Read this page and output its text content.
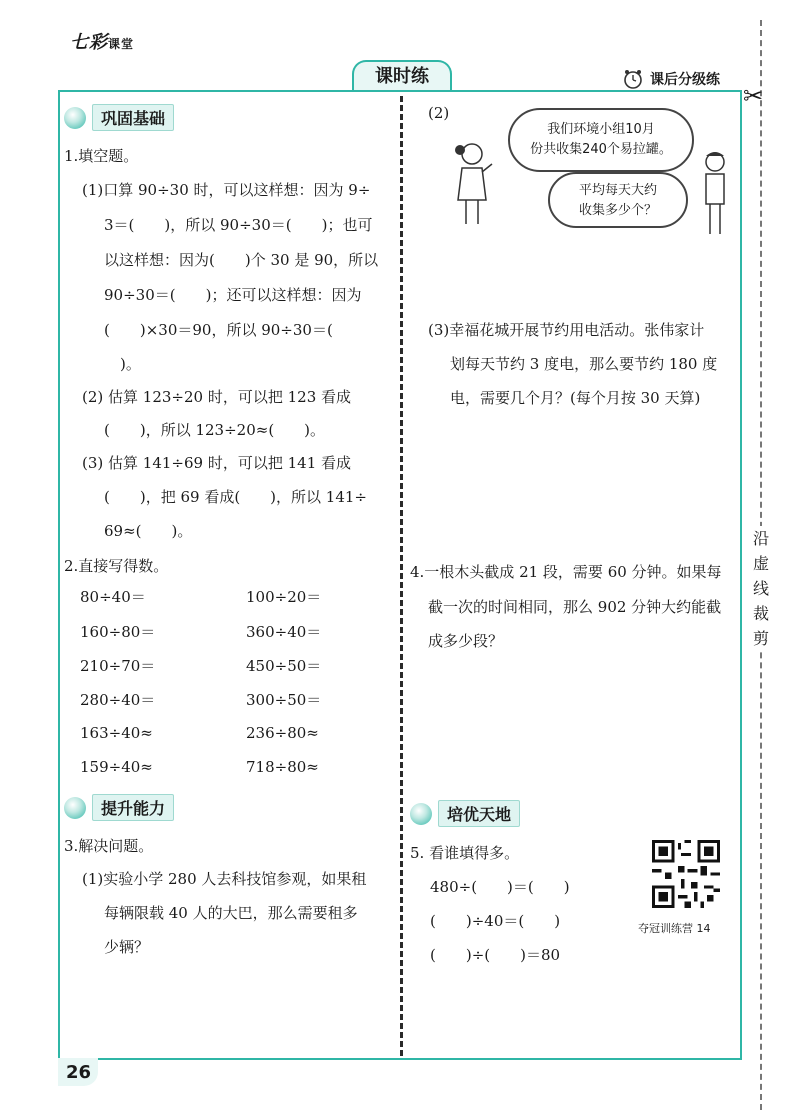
七彩课堂
课时练	课后分级练
✂
沿
虚
线
裁
剪
巩固基础
1.填空题。
(1)口算 90÷30 时，可以这样想：因为 9÷
3＝(　　)，所以 90÷30＝(　　)；也可
以这样想：因为(　　)个 30 是 90，所以
90÷30＝(　　)；还可以这样想：因为
(　　)×30＝90，所以 90÷30＝(
)。
(2) 估算 123÷20 时，可以把 123 看成
(　　)，所以 123÷20≈(　　)。
(3) 估算 141÷69 时，可以把 141 看成
(　　)，把 69 看成(　　)，所以 141÷
69≈(　　)。
2.直接写得数。
80÷40＝	100÷20＝
160÷80＝	360÷40＝
210÷70＝	450÷50＝
280÷40＝	300÷50＝
163÷40≈	236÷80≈
159÷40≈	718÷80≈
提升能力
3.解决问题。
(1)实验小学 280 人去科技馆参观，如果租
每辆限载 40 人的大巴，那么需要租多
少辆？
26
(2)
我们环境小组10月
份共收集240个易拉罐。
平均每天大约
收集多少个？
(3)幸福花城开展节约用电活动。张伟家计
划每天节约 3 度电，那么要节约 180 度
电，需要几个月？(每个月按 30 天算)
4.一根木头截成 21 段，需要 60 分钟。如果每
截一次的时间相同，那么 902 分钟大约能截
成多少段？
培优天地
5. 看谁填得多。
480÷(　　)＝(　　)
(　　)÷40＝(　　)
(　　)÷(　　)＝80
夺冠训练营 14
